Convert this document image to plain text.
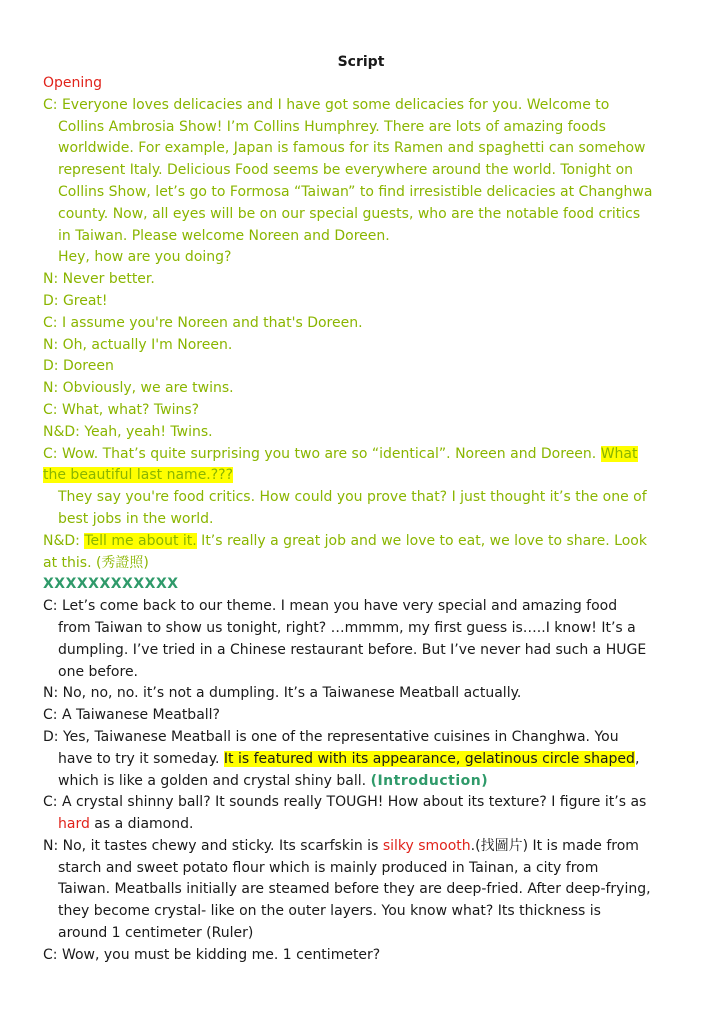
Script
Opening
C: Everyone loves delicacies and I have got some delicacies for you. Welcome to
Collins Ambrosia Show! I’m Collins Humphrey. There are lots of amazing foods
worldwide. For example, Japan is famous for its Ramen and spaghetti can somehow
represent Italy. Delicious Food seems be everywhere around the world. Tonight on
Collins Show, let’s go to Formosa “Taiwan” to find irresistible delicacies at Changhwa
county. Now, all eyes will be on our special guests, who are the notable food critics
in Taiwan. Please welcome Noreen and Doreen.
Hey, how are you doing?
N: Never better.
D: Great!
C: I assume you're Noreen and that's Doreen.
N: Oh, actually I'm Noreen.
D: Doreen
N: Obviously, we are twins.
C: What, what? Twins?
N&D: Yeah, yeah! Twins.
C: Wow. That’s quite surprising you two are so “identical”. Noreen and Doreen. What
the beautiful last name.???
They say you're food critics. How could you prove that? I just thought it’s the one of
best jobs in the world.
N&D: Tell me about it. It’s really a great job and we love to eat, we love to share. Look
at this. (秀證照)
XXXXXXXXXXXX
C: Let’s come back to our theme. I mean you have very special and amazing food
from Taiwan to show us tonight, right? …mmmm, my first guess is…..I know! It’s a
dumpling. I’ve tried in a Chinese restaurant before. But I’ve never had such a HUGE
one before.
N: No, no, no. it’s not a dumpling. It’s a Taiwanese Meatball actually.
C: A Taiwanese Meatball?
D: Yes, Taiwanese Meatball is one of the representative cuisines in Changhwa. You
have to try it someday. It is featured with its appearance, gelatinous circle shaped,
which is like a golden and crystal shiny ball. (Introduction)
C: A crystal shinny ball? It sounds really TOUGH! How about its texture? I figure it’s as
hard as a diamond.
N: No, it tastes chewy and sticky. Its scarfskin is silky smooth.(找圖片) It is made from
starch and sweet potato flour which is mainly produced in Tainan, a city from
Taiwan. Meatballs initially are steamed before they are deep-fried. After deep-frying,
they become crystal- like on the outer layers. You know what? Its thickness is
around 1 centimeter (Ruler)
C: Wow, you must be kidding me. 1 centimeter?
